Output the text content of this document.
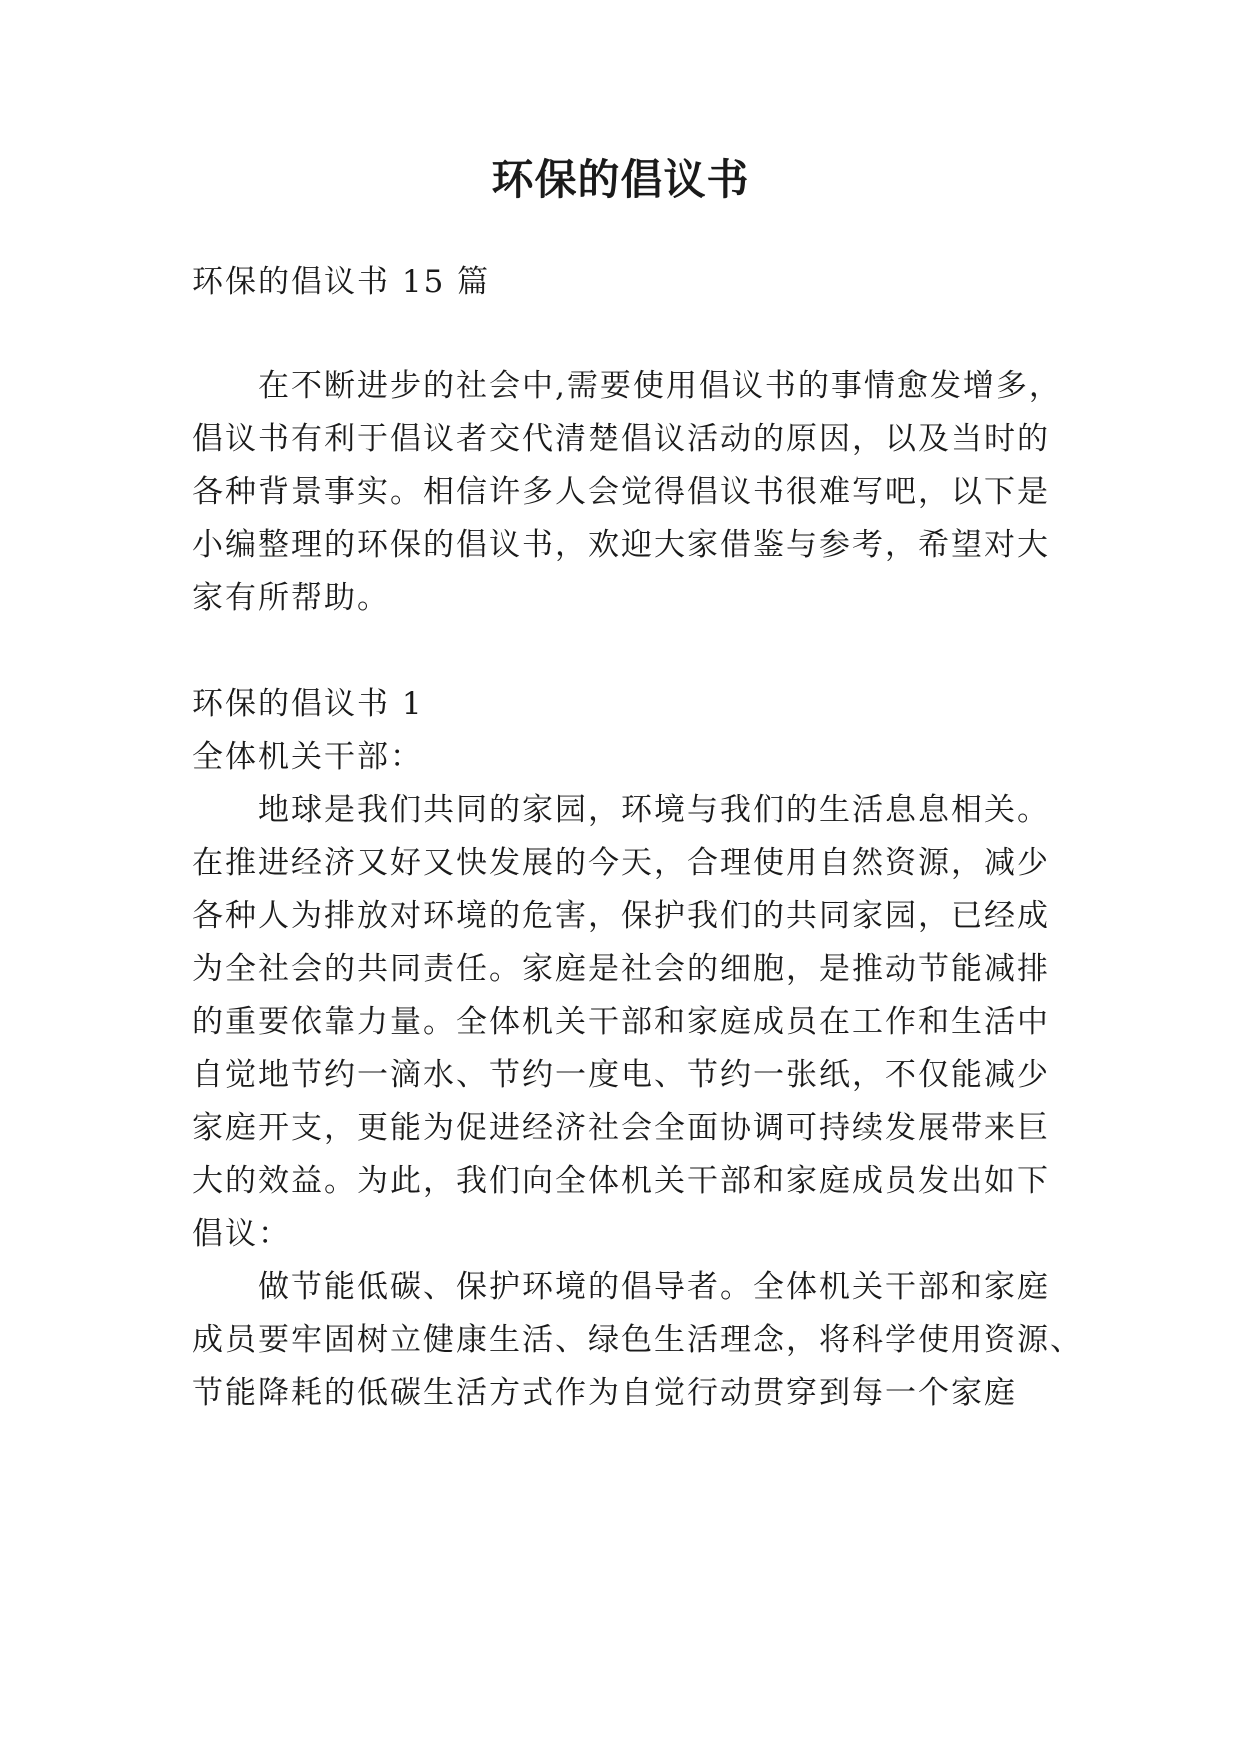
环保的倡议书

环保的倡议书 15 篇

在不断进步的社会中,需要使用倡议书的事情愈发增多，

倡议书有利于倡议者交代清楚倡议活动的原因，以及当时的

各种背景事实。相信许多人会觉得倡议书很难写吧，以下是

小编整理的环保的倡议书，欢迎大家借鉴与参考，希望对大

家有所帮助。

环保的倡议书 1

全体机关干部：

地球是我们共同的家园，环境与我们的生活息息相关。

在推进经济又好又快发展的今天，合理使用自然资源，减少

各种人为排放对环境的危害，保护我们的共同家园，已经成

为全社会的共同责任。家庭是社会的细胞，是推动节能减排

的重要依靠力量。全体机关干部和家庭成员在工作和生活中

自觉地节约一滴水、节约一度电、节约一张纸，不仅能减少

家庭开支，更能为促进经济社会全面协调可持续发展带来巨

大的效益。为此，我们向全体机关干部和家庭成员发出如下

倡议：

做节能低碳、保护环境的倡导者。全体机关干部和家庭

成员要牢固树立健康生活、绿色生活理念，将科学使用资源、

节能降耗的低碳生活方式作为自觉行动贯穿到每一个家庭
